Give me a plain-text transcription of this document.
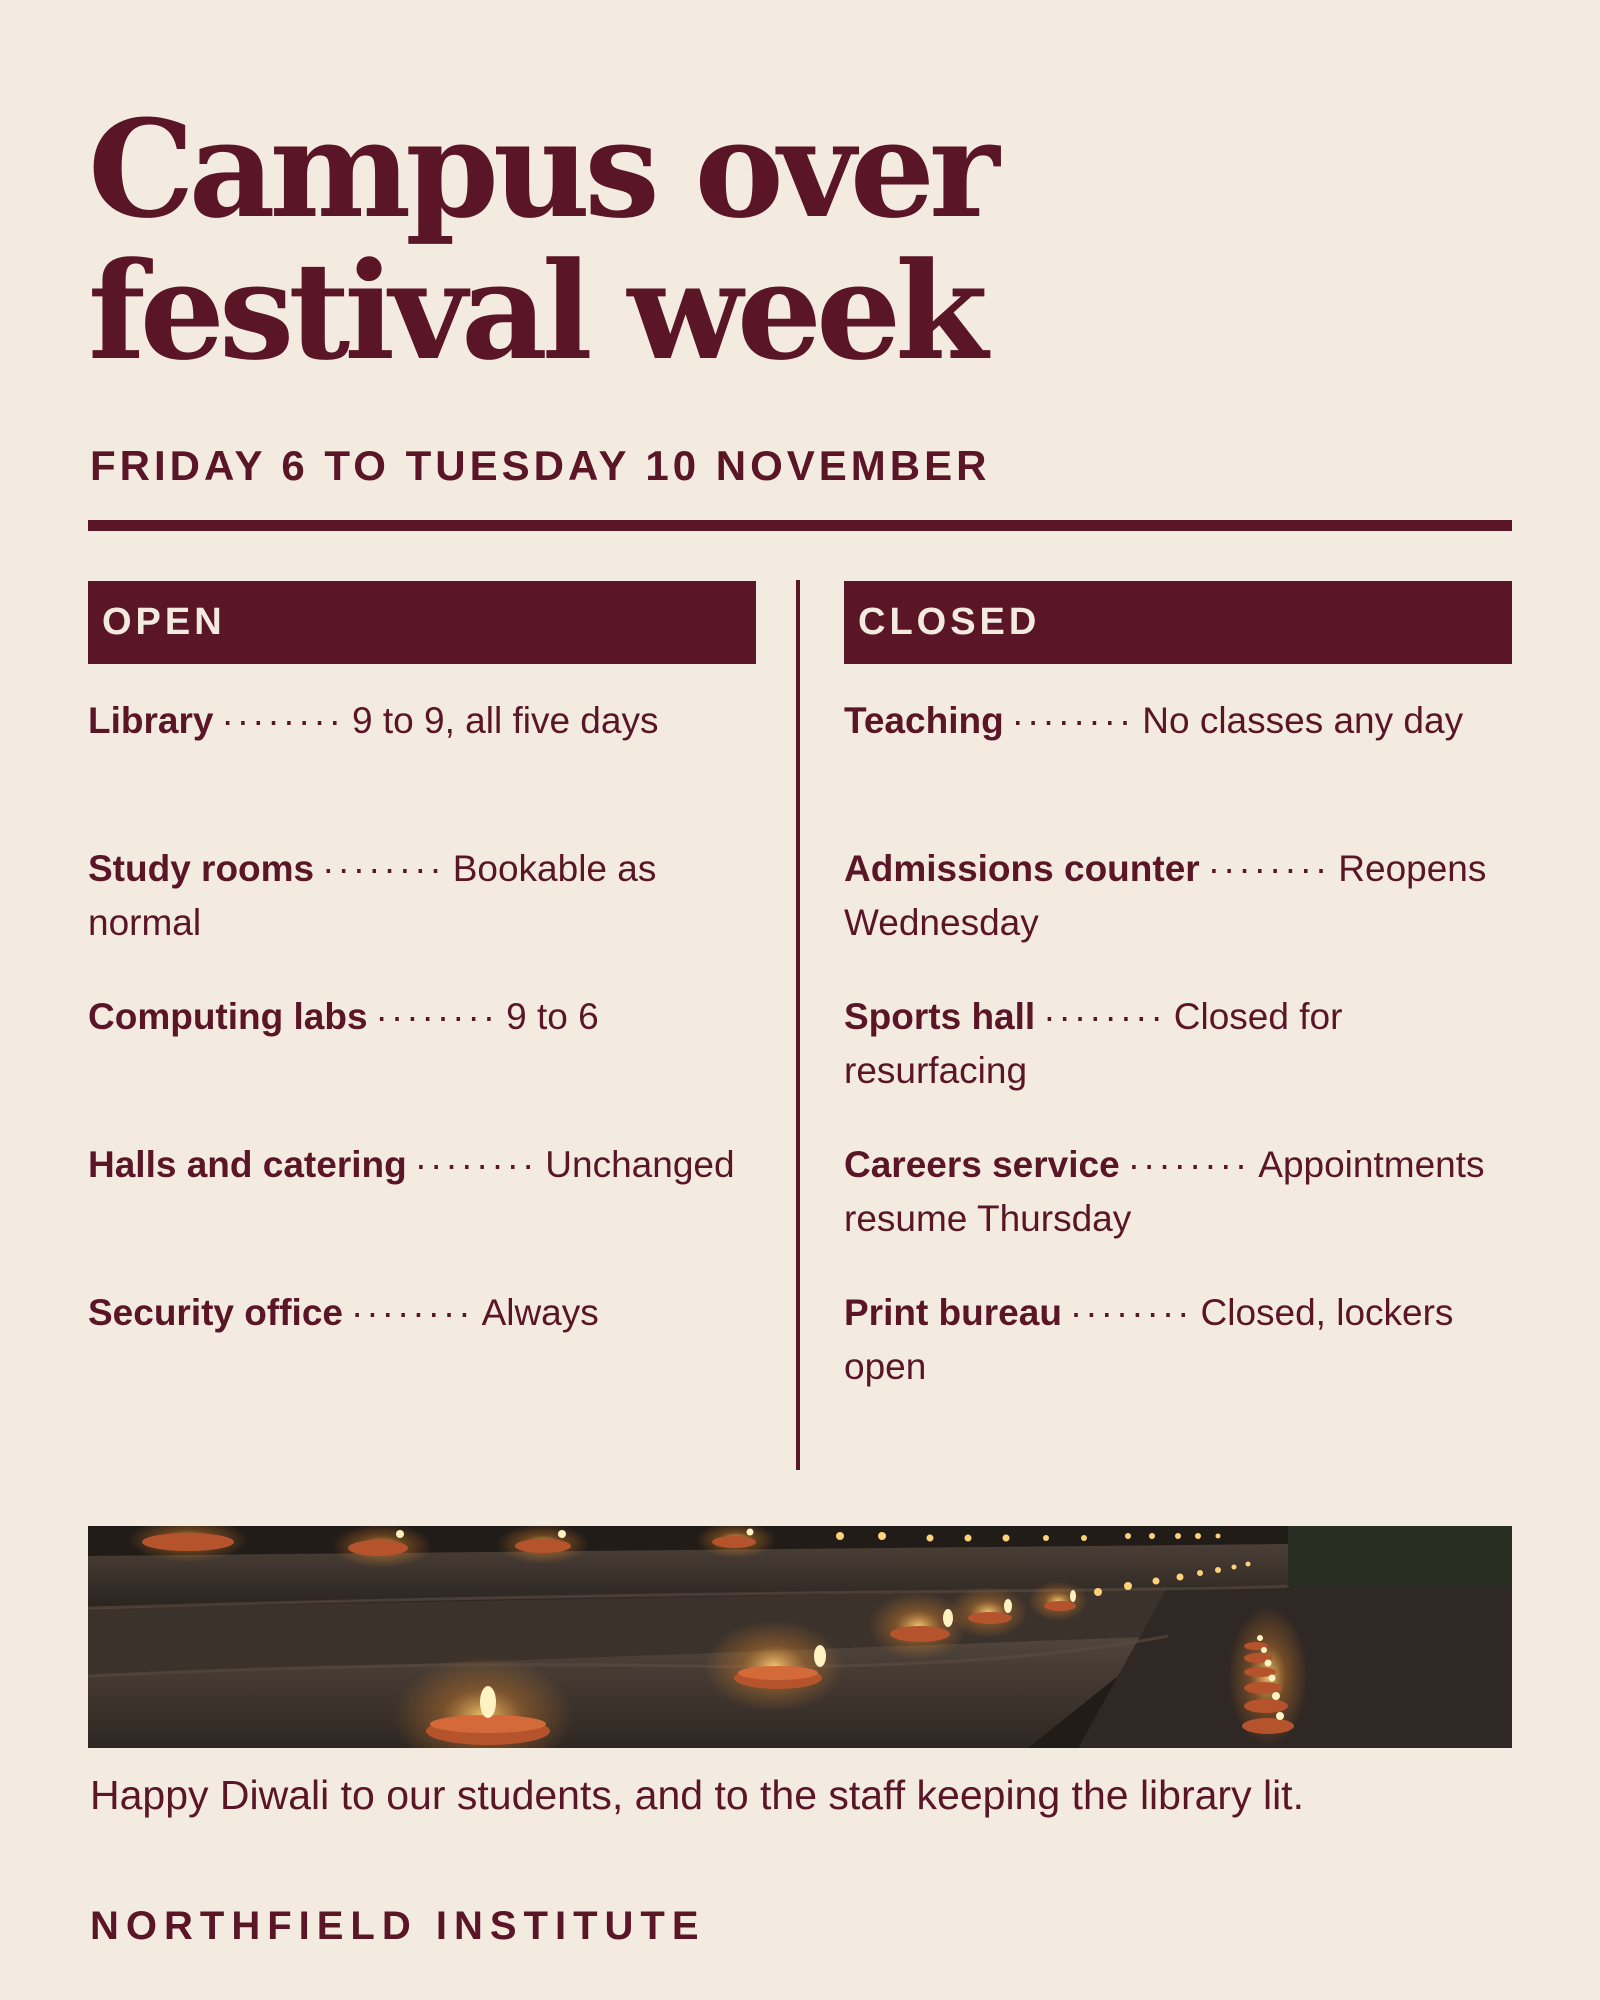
Campus over
festival week
FRIDAY 6 TO TUESDAY 10 NOVEMBER
OPEN
Library ········ 9 to 9, all five days
Study rooms ········ Bookable as normal
Computing labs ········ 9 to 6
Halls and catering ········ Unchanged
Security office ········ Always
CLOSED
Teaching ········ No classes any day
Admissions counter ········ Reopens Wednesday
Sports hall ········ Closed for resurfacing
Careers service ········ Appointments resume Thursday
Print bureau ········ Closed, lockers open
Happy Diwali to our students, and to the staff keeping the library lit.
NORTHFIELD INSTITUTE
